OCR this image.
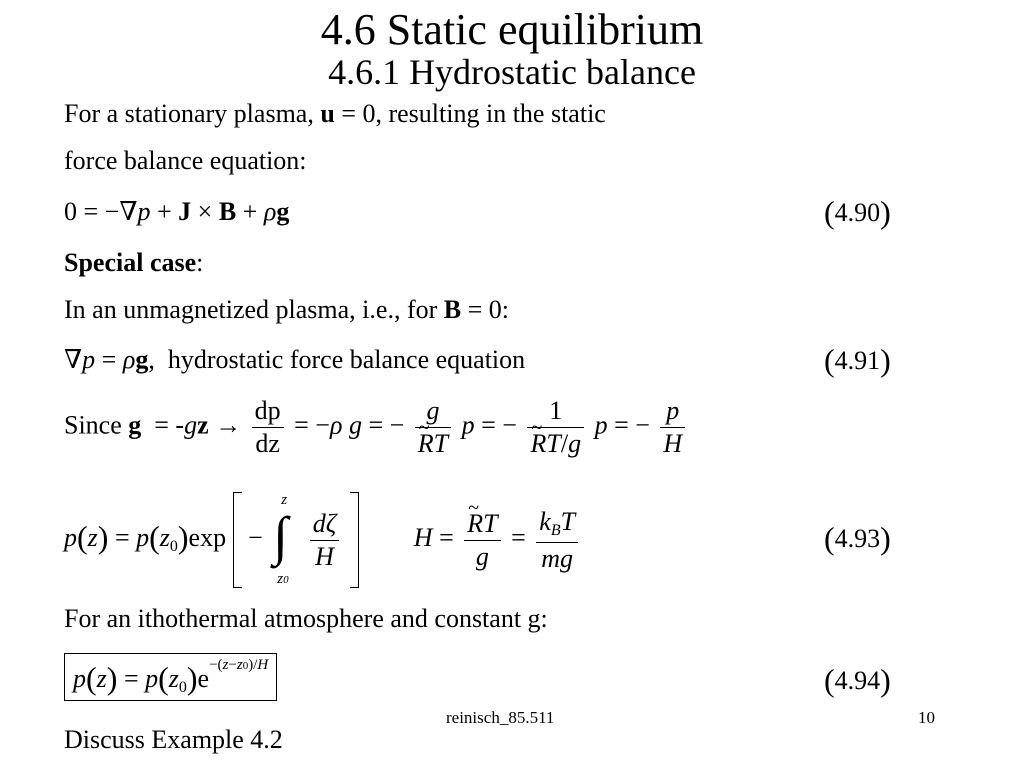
4.6 Static equilibrium
4.6.1 Hydrostatic balance
For a stationary plasma, u = 0, resulting in the static
force balance equation:
0 = −∇p + J × B + ρg	(4.90)
Special case:
In an unmagnetized plasma, i.e., for B = 0:
∇p = ρg,  hydrostatic force balance equation	(4.91)
Since $g = -gz \to \frac{dp}{dz} = -\rho$ g = − g
~ RT p = − 1
~ RT/g p = − $\frac{p}{H}$
$p(z) = p(z_0)\exp$ −
z
∫
z0

$\frac{d\zeta}{H}$	H =
~ $\frac{RT}{g} = \frac{k_BT}{mg}$	(4.93)
For an ithothermal atmosphere and constant g:
$p(z) = p(z_0)e^{-(z-z0)/H}$	(4.94)
reinisch_85.511	10
Discuss Example 4.2
